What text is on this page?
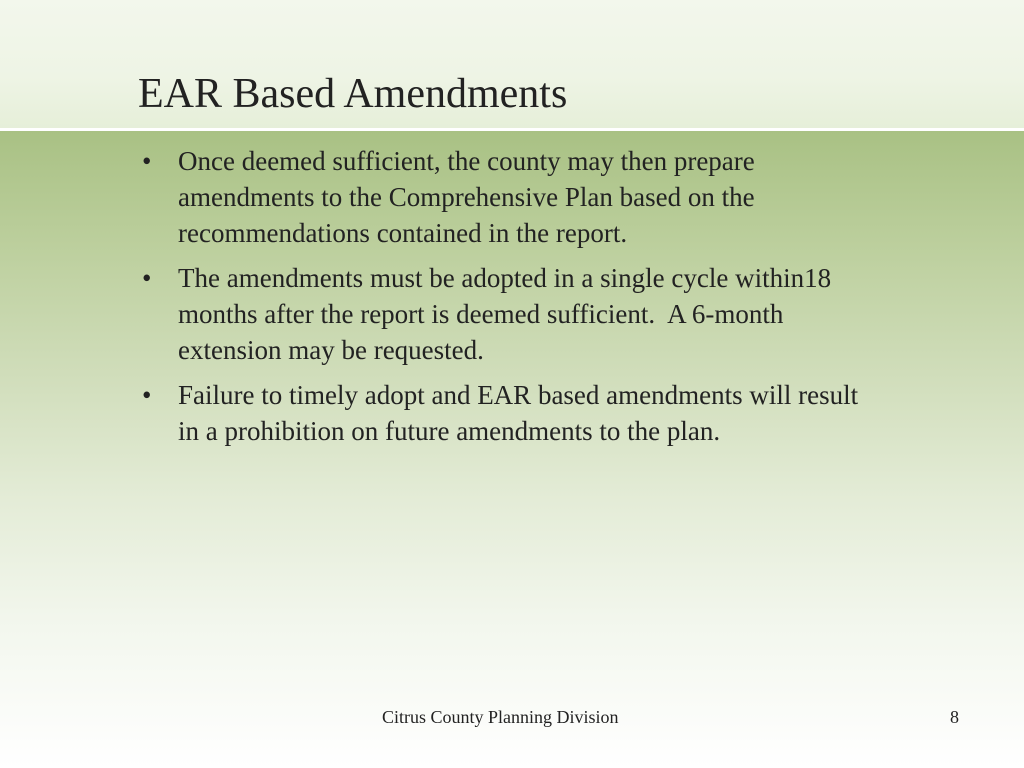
EAR Based Amendments
• Once deemed sufficient, the county may then prepare amendments to the Comprehensive Plan based on the recommendations contained in the report.
• The amendments must be adopted in a single cycle within18 months after the report is deemed sufficient.  A 6-month extension may be requested.
• Failure to timely adopt and EAR based amendments will result in a prohibition on future amendments to the plan.
Citrus County Planning Division	8
